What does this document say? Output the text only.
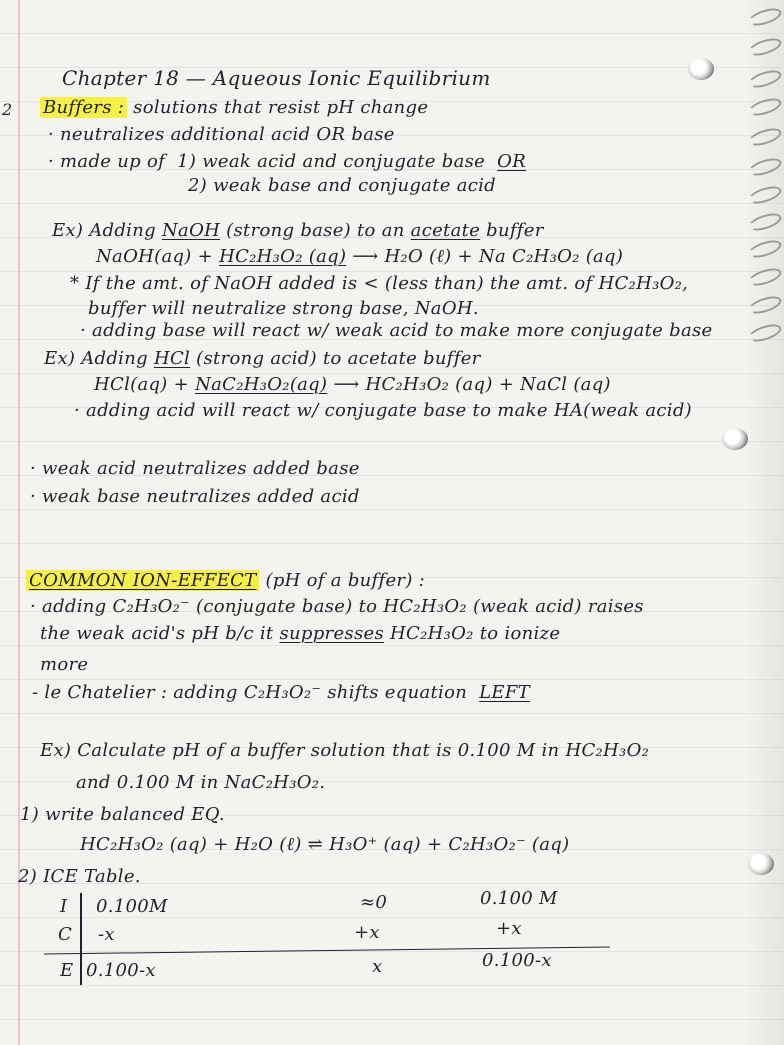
2
Chapter 18 — Aqueous Ionic Equilibrium
Buffers : solutions that resist pH change
· neutralizes additional acid OR base
· made up of 1) weak acid and conjugate base OR
2) weak base and conjugate acid
Ex) Adding NaOH (strong base) to an acetate buffer
NaOH(aq) + HC₂H₃O₂ (aq) ⟶ H₂O (ℓ) + Na C₂H₃O₂ (aq)
* If the amt. of NaOH added is < (less than) the amt. of HC₂H₃O₂,
buffer will neutralize strong base, NaOH.
· adding base will react w/ weak acid to make more conjugate base
Ex) Adding HCl (strong acid) to acetate buffer
HCl(aq) + NaC₂H₃O₂(aq) ⟶ HC₂H₃O₂ (aq) + NaCl (aq)
· adding acid will react w/ conjugate base to make HA(weak acid)
· weak acid neutralizes added base
· weak base neutralizes added acid
COMMON ION-EFFECT (pH of a buffer) :
· adding C₂H₃O₂⁻ (conjugate base) to HC₂H₃O₂ (weak acid) raises
the weak acid's pH b/c it suppresses HC₂H₃O₂ to ionize
more
- le Chatelier : adding C₂H₃O₂⁻ shifts equation LEFT
Ex) Calculate pH of a buffer solution that is 0.100 M in HC₂H₃O₂
and 0.100 M in NaC₂H₃O₂.
1) write balanced EQ.
HC₂H₃O₂ (aq) + H₂O (ℓ) ⇌ H₃O⁺ (aq) + C₂H₃O₂⁻ (aq)
2) ICE Table.
I 0.100M	≈0	0.100 M
C -x	+x	+x
E 0.100-x	x	0.100-x
